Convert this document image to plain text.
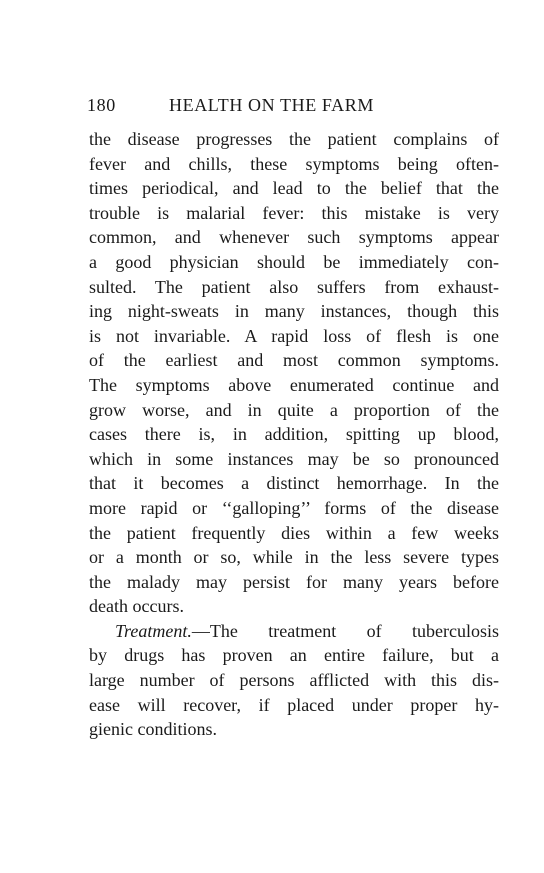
180	HEALTH ON THE FARM
the disease progresses the patient complains of
fever and chills, these symptoms being often-
times periodical, and lead to the belief that the
trouble is malarial fever: this mistake is very
common, and whenever such symptoms appear
a good physician should be immediately con-
sulted. The patient also suffers from exhaust-
ing night-sweats in many instances, though this
is not invariable. A rapid loss of flesh is one
of the earliest and most common symptoms.
The symptoms above enumerated continue and
grow worse, and in quite a proportion of the
cases there is, in addition, spitting up blood,
which in some instances may be so pronounced
that it becomes a distinct hemorrhage. In the
more rapid or ‘‘galloping’’ forms of the disease
the patient frequently dies within a few weeks
or a month or so, while in the less severe types
the malady may persist for many years before
death occurs.
Treatment.—The treatment of tuberculosis
by drugs has proven an entire failure, but a
large number of persons afflicted with this dis-
ease will recover, if placed under proper hy-
gienic conditions.
